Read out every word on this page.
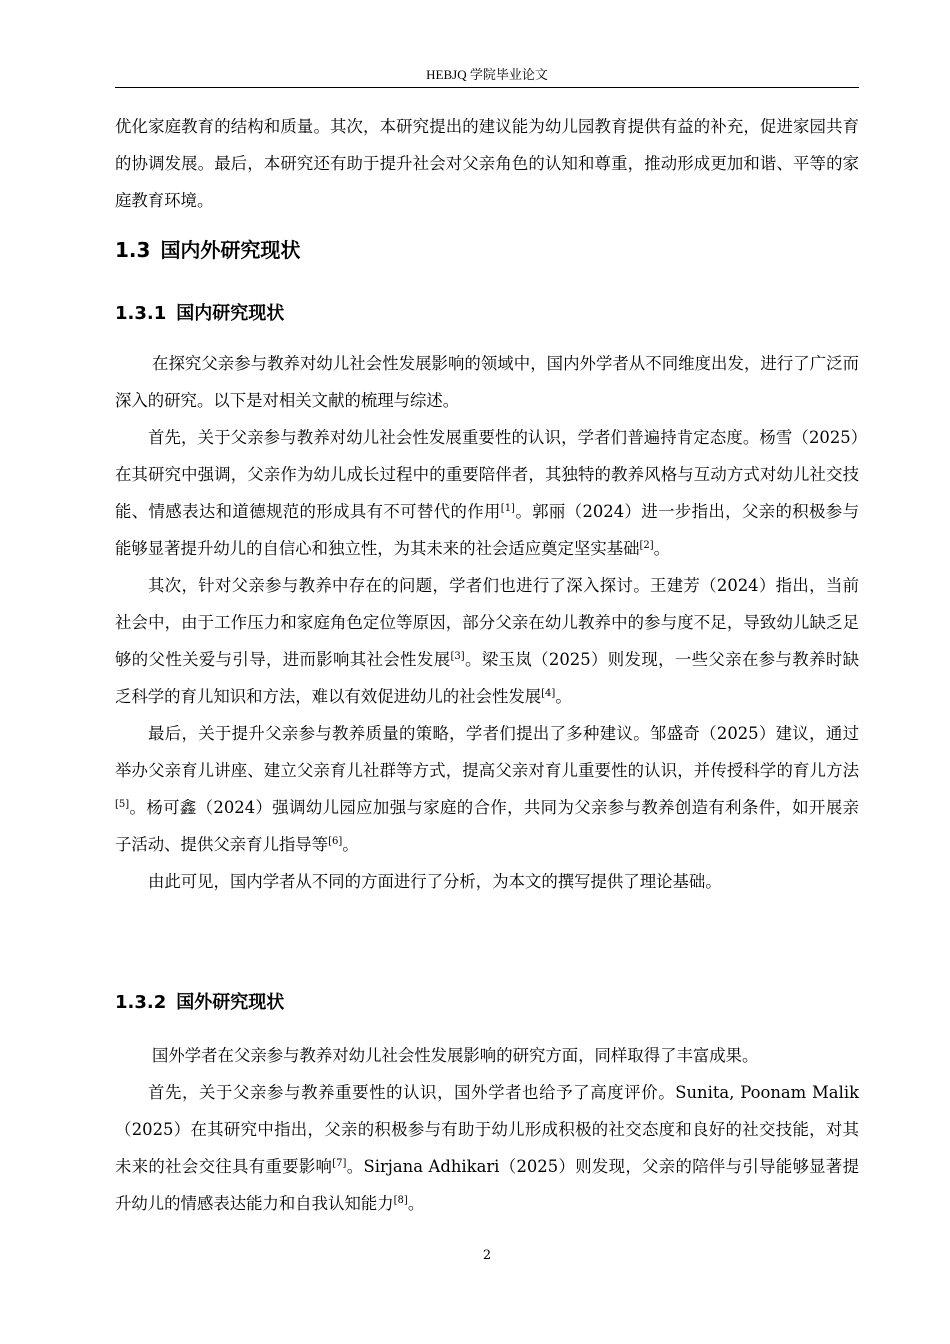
HEBJQ 学院毕业论文

优化家庭教育的结构和质量。其次，本研究提出的建议能为幼儿园教育提供有益的补充，促进家园共育的协调发展。最后，本研究还有助于提升社会对父亲角色的认知和尊重，推动形成更加和谐、平等的家庭教育环境。

1.3 国内外研究现状
1.3.1 国内研究现状

在探究父亲参与教养对幼儿社会性发展影响的领域中，国内外学者从不同维度出发，进行了广泛而深入的研究。以下是对相关文献的梳理与综述。

首先，关于父亲参与教养对幼儿社会性发展重要性的认识，学者们普遍持肯定态度。杨雪（2025）在其研究中强调，父亲作为幼儿成长过程中的重要陪伴者，其独特的教养风格与互动方式对幼儿社交技能、情感表达和道德规范的形成具有不可替代的作用[1]。郭丽（2024）进一步指出，父亲的积极参与能够显著提升幼儿的自信心和独立性，为其未来的社会适应奠定坚实基础[2]。

其次，针对父亲参与教养中存在的问题，学者们也进行了深入探讨。王建芳（2024）指出，当前社会中，由于工作压力和家庭角色定位等原因，部分父亲在幼儿教养中的参与度不足，导致幼儿缺乏足够的父性关爱与引导，进而影响其社会性发展[3]。梁玉岚（2025）则发现，一些父亲在参与教养时缺乏科学的育儿知识和方法，难以有效促进幼儿的社会性发展[4]。

最后，关于提升父亲参与教养质量的策略，学者们提出了多种建议。邹盛奇（2025）建议，通过举办父亲育儿讲座、建立父亲育儿社群等方式，提高父亲对育儿重要性的认识，并传授科学的育儿方法[5]。杨可鑫（2024）强调幼儿园应加强与家庭的合作，共同为父亲参与教养创造有利条件，如开展亲子活动、提供父亲育儿指导等[6]。

由此可见，国内学者从不同的方面进行了分析，为本文的撰写提供了理论基础。

1.3.2 国外研究现状

国外学者在父亲参与教养对幼儿社会性发展影响的研究方面，同样取得了丰富成果。

首先，关于父亲参与教养重要性的认识，国外学者也给予了高度评价。Sunita, Poonam Malik（2025）在其研究中指出，父亲的积极参与有助于幼儿形成积极的社交态度和良好的社交技能，对其未来的社会交往具有重要影响[7]。Sirjana Adhikari（2025）则发现，父亲的陪伴与引导能够显著提升幼儿的情感表达能力和自我认知能力[8]。

2
